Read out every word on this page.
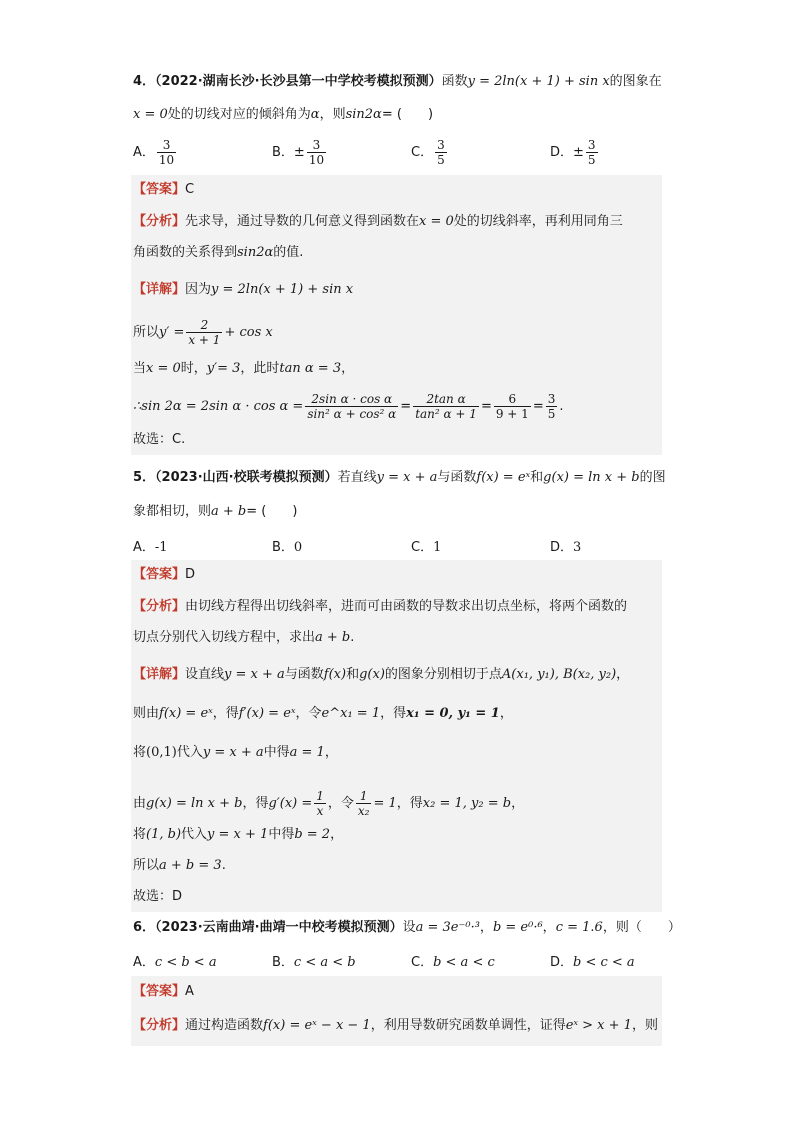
4．（2022·湖南长沙·长沙县第一中学校考模拟预测）函数y = 2ln(x + 1) + sin x的图象在
x = 0处的切线对应的倾斜角为α，则sin2α= (　　)
A． $\frac{3}{10}$	B．± $\frac{3}{10}$	C． $\frac{3}{5}$	D．± $\frac{3}{5}$
【答案】C
【分析】先求导，通过导数的几何意义得到函数在x = 0处的切线斜率，再利用同角三
角函数的关系得到sin2α的值.
【详解】因为y = 2ln(x + 1) + sin x
所以$y' = \frac{2}{x + 1} + \cos x$
当x = 0时，y′= 3，此时tan α = 3，
∴sin 2α = 2sin $\alpha \cdot \cos \alpha = \frac{\text{2sin α · cos α}}{\text{sin² α + cos² α}} = \frac{\text{2tan α}}{\text{tan² α + 1}} = \frac{6}{9 + 1} = \frac{3}{5}$ .
故选：C.
5．（2023·山西·校联考模拟预测）若直线y = x + a与函数f(x) = eˣ和g(x) = ln x + b的图
象都相切，则a + b= (　　)
A．-1	B．0	C．1	D．3
【答案】D
【分析】由切线方程得出切线斜率，进而可由函数的导数求出切点坐标，将两个函数的
切点分别代入切线方程中，求出a + b.
【详解】设直线y = x + a与函数f(x)和g(x)的图象分别相切于点A(x₁, y₁), B(x₂, y₂)，
则由f(x) = eˣ，得f′(x) = eˣ，令e^x₁ = 1，得x₁ = 0, y₁ = 1，
将(0,1)代入y = x + a中得a = 1，
由g(x) = ln x + b，得$g'(x) = \frac{1}{x}$ ，令 $\frac{1}{\text{x₂}} = 1$，得x₂ = 1, y₂ = b，
将(1, b)代入y = x + 1中得b = 2，
所以a + b = 3.
故选：D
6．（2023·云南曲靖·曲靖一中校考模拟预测）设a = 3e⁻⁰·³，b = e⁰·⁶，c = 1.6，则（　　）
A．c < b < a	B．c < a < b	C．b < a < c	D．b < c < a
【答案】A
【分析】通过构造函数f(x) = eˣ − x − 1，利用导数研究函数单调性，证得eˣ > x + 1，则
